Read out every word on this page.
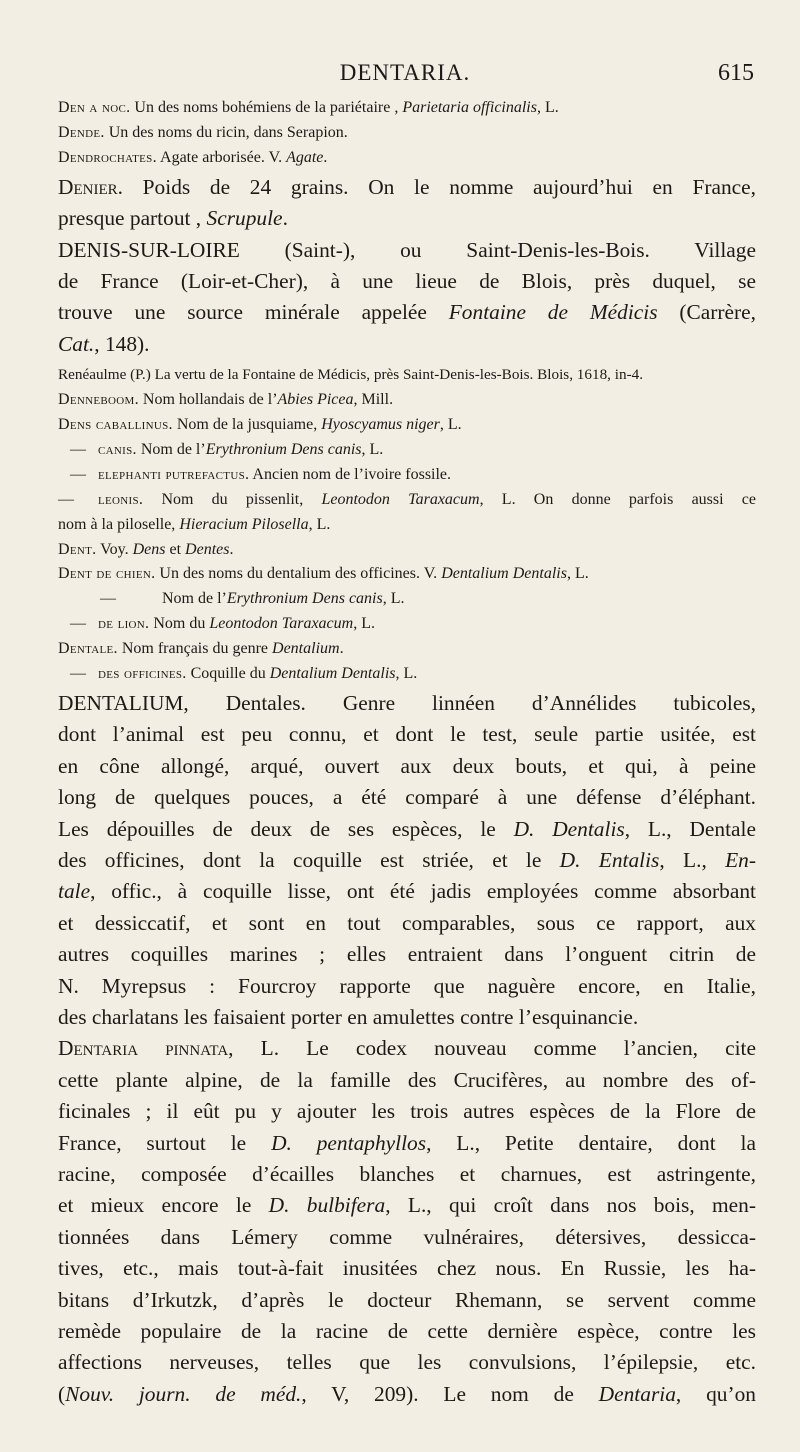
DENTARIA.	615
Den a noc. Un des noms bohémiens de la pariétaire , Parietaria officinalis, L.
Dende. Un des noms du ricin, dans Serapion.
Dendrochates. Agate arborisée. V. Agate.
Denier. Poids de 24 grains. On le nomme aujourd’hui en France,
presque partout , Scrupule.
DENIS-SUR-LOIRE (Saint-), ou Saint-Denis-les-Bois. Village
de France (Loir-et-Cher), à une lieue de Blois, près duquel, se
trouve une source minérale appelée Fontaine de Médicis (Carrère,
Cat., 148).
Renéaulme (P.) La vertu de la Fontaine de Médicis, près Saint-Denis-les-Bois. Blois, 1618, in-4.
Denneboom. Nom hollandais de l’Abies Picea, Mill.
Dens caballinus. Nom de la jusquiame, Hyoscyamus niger, L.
— canis. Nom de l’Erythronium Dens canis, L.
— elephanti putrefactus. Ancien nom de l’ivoire fossile.
— leonis. Nom du pissenlit, Leontodon Taraxacum, L. On donne parfois aussi ce
nom à la piloselle, Hieracium Pilosella, L.
Dent. Voy. Dens et Dentes.
Dent de chien. Un des noms du dentalium des officines. V. Dentalium Dentalis, L.
—	Nom de l’Erythronium Dens canis, L.
— de lion. Nom du Leontodon Taraxacum, L.
Dentale. Nom français du genre Dentalium.
— des officines. Coquille du Dentalium Dentalis, L.
DENTALIUM, Dentales. Genre linnéen d’Annélides tubicoles,
dont l’animal est peu connu, et dont le test, seule partie usitée, est
en cône allongé, arqué, ouvert aux deux bouts, et qui, à peine
long de quelques pouces, a été comparé à une défense d’éléphant.
Les dépouilles de deux de ses espèces, le D. Dentalis, L., Dentale
des officines, dont la coquille est striée, et le D. Entalis, L., En-
tale, offic., à coquille lisse, ont été jadis employées comme absorbant
et dessiccatif, et sont en tout comparables, sous ce rapport, aux
autres coquilles marines ; elles entraient dans l’onguent citrin de
N. Myrepsus : Fourcroy rapporte que naguère encore, en Italie,
des charlatans les faisaient porter en amulettes contre l’esquinancie.
Dentaria pinnata, L. Le codex nouveau comme l’ancien, cite
cette plante alpine, de la famille des Crucifères, au nombre des of-
ficinales ; il eût pu y ajouter les trois autres espèces de la Flore de
France, surtout le D. pentaphyllos, L., Petite dentaire, dont la
racine, composée d’écailles blanches et charnues, est astringente,
et mieux encore le D. bulbifera, L., qui croît dans nos bois, men-
tionnées dans Lémery comme vulnéraires, détersives, dessicca-
tives, etc., mais tout-à-fait inusitées chez nous. En Russie, les ha-
bitans d’Irkutzk, d’après le docteur Rhemann, se servent comme
remède populaire de la racine de cette dernière espèce, contre les
affections nerveuses, telles que les convulsions, l’épilepsie, etc.
(Nouv. journ. de méd., V, 209). Le nom de Dentaria, qu’on
